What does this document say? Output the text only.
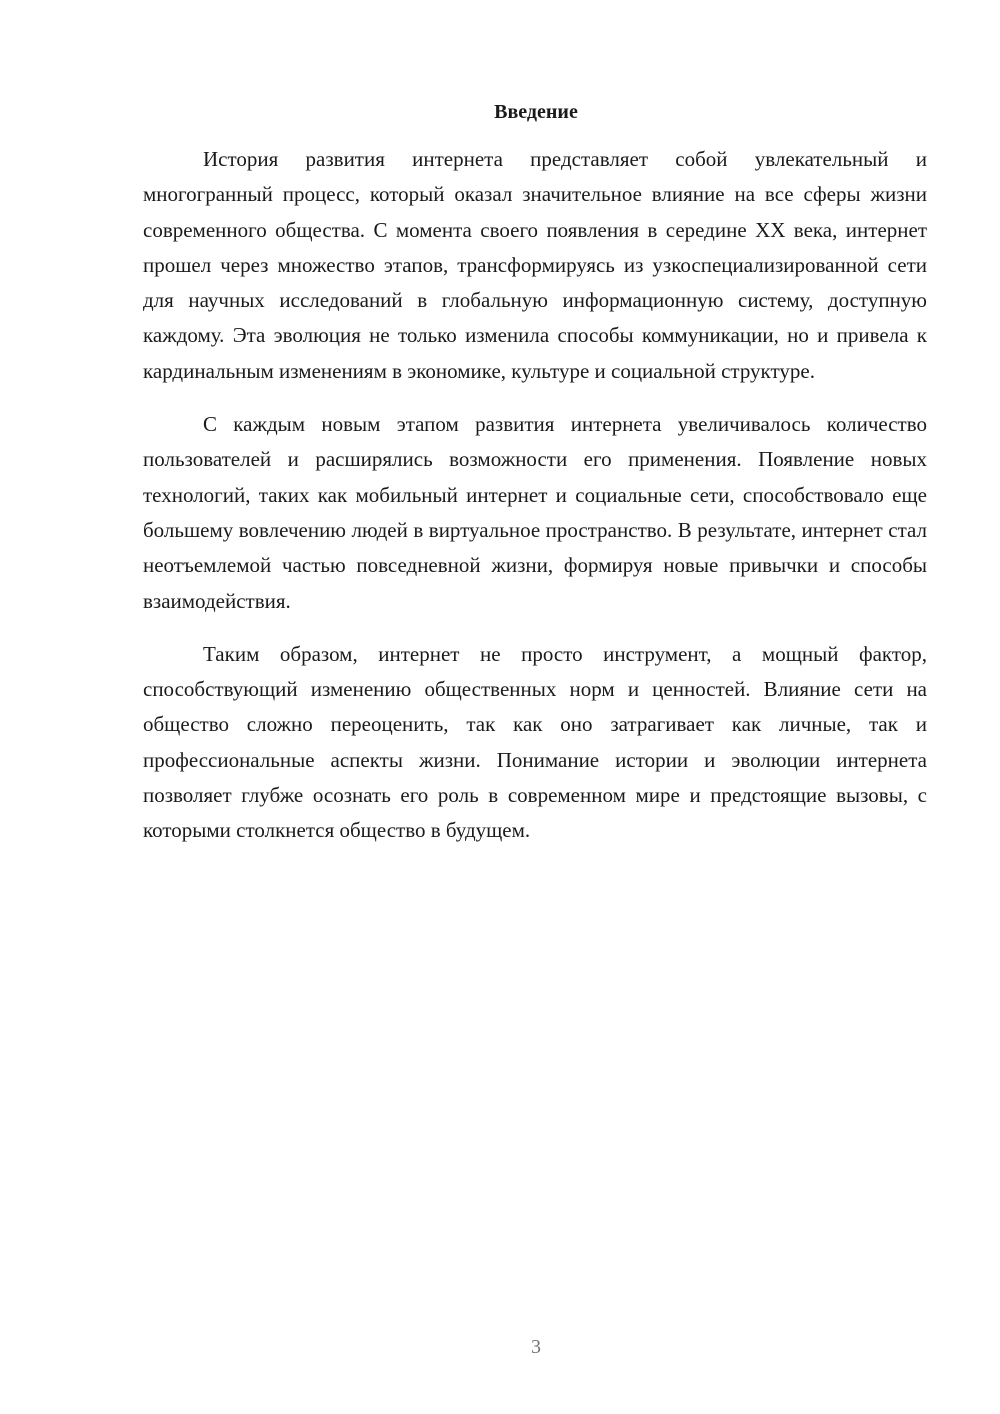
Введение

История развития интернета представляет собой увлекательный и многогранный процесс, который оказал значительное влияние на все сферы жизни современного общества. С момента своего появления в середине XX века, интернет прошел через множество этапов, трансформируясь из узкоспециализированной сети для научных исследований в глобальную информационную систему, доступную каждому. Эта эволюция не только изменила способы коммуникации, но и привела к кардинальным изменениям в экономике, культуре и социальной структуре.

С каждым новым этапом развития интернета увеличивалось количество пользователей и расширялись возможности его применения. Появление новых технологий, таких как мобильный интернет и социальные сети, способствовало еще большему вовлечению людей в виртуальное пространство. В результате, интернет стал неотъемлемой частью повседневной жизни, формируя новые привычки и способы взаимодействия.

Таким образом, интернет не просто инструмент, а мощный фактор, способствующий изменению общественных норм и ценностей. Влияние сети на общество сложно переоценить, так как оно затрагивает как личные, так и профессиональные аспекты жизни. Понимание истории и эволюции интернета позволяет глубже осознать его роль в современном мире и предстоящие вызовы, с которыми столкнется общество в будущем.

3
